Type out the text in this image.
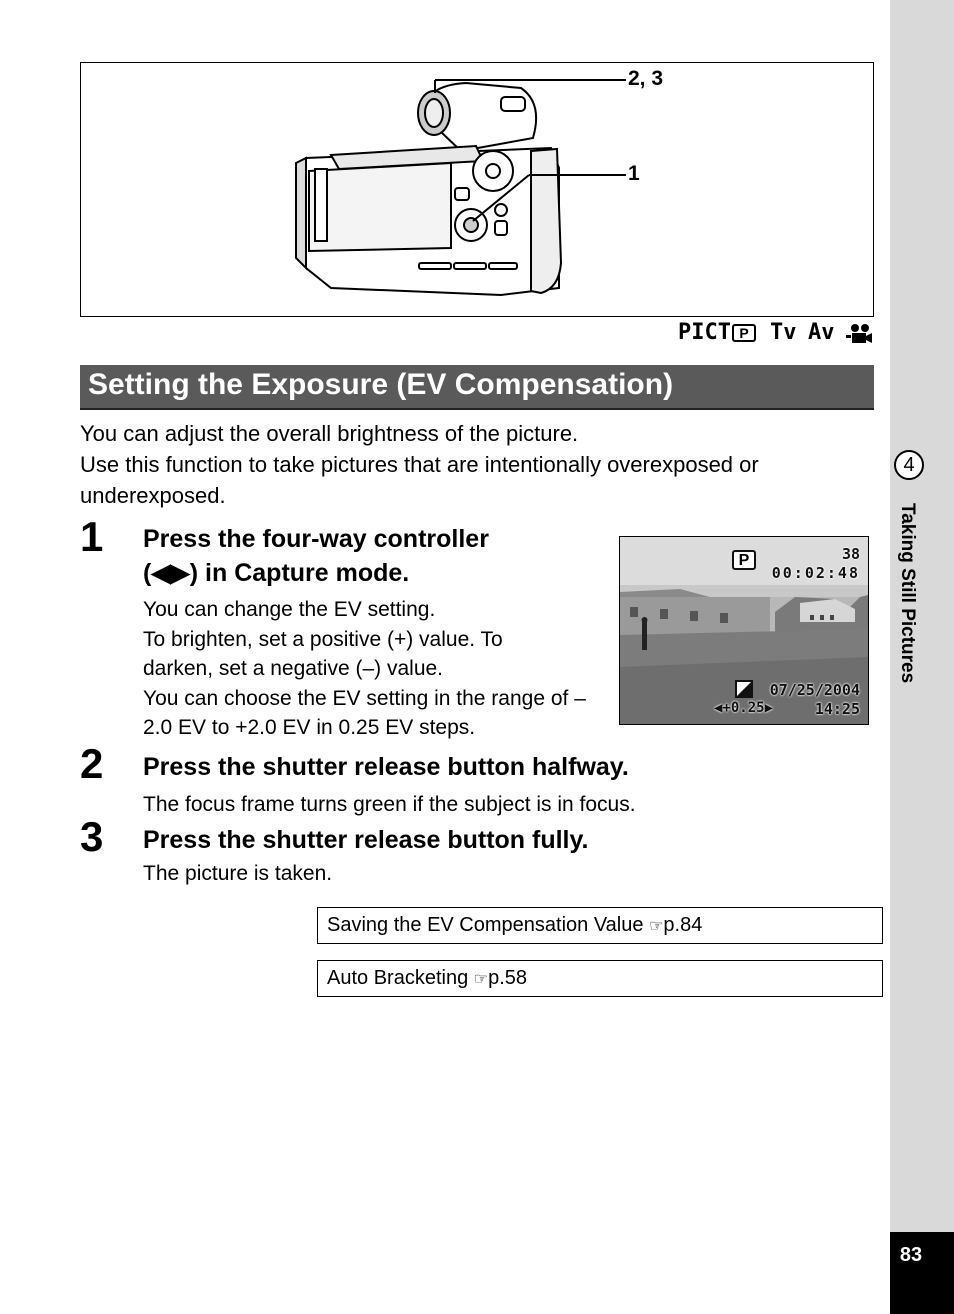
4
Taking Still Pictures
83
2, 3
1
PICT P Tv Av
Setting the Exposure (EV Compensation)
You can adjust the overall brightness of the picture.
Use this function to take pictures that are intentionally overexposed or underexposed.
1 Press the four-way controller
(◀▶) in Capture mode.
You can change the EV setting.
To brighten, set a positive (+) value. To darken, set a negative (–) value.
You can choose the EV setting in the range of –2.0 EV to +2.0 EV in 0.25 EV steps.
P	38
00:02:48
07/25/2004
◀+0.25▶	14:25
2 Press the shutter release button halfway.
The focus frame turns green if the subject is in focus.
3 Press the shutter release button fully.
The picture is taken.
Saving the EV Compensation Value ☞p.84
Auto Bracketing ☞p.58
